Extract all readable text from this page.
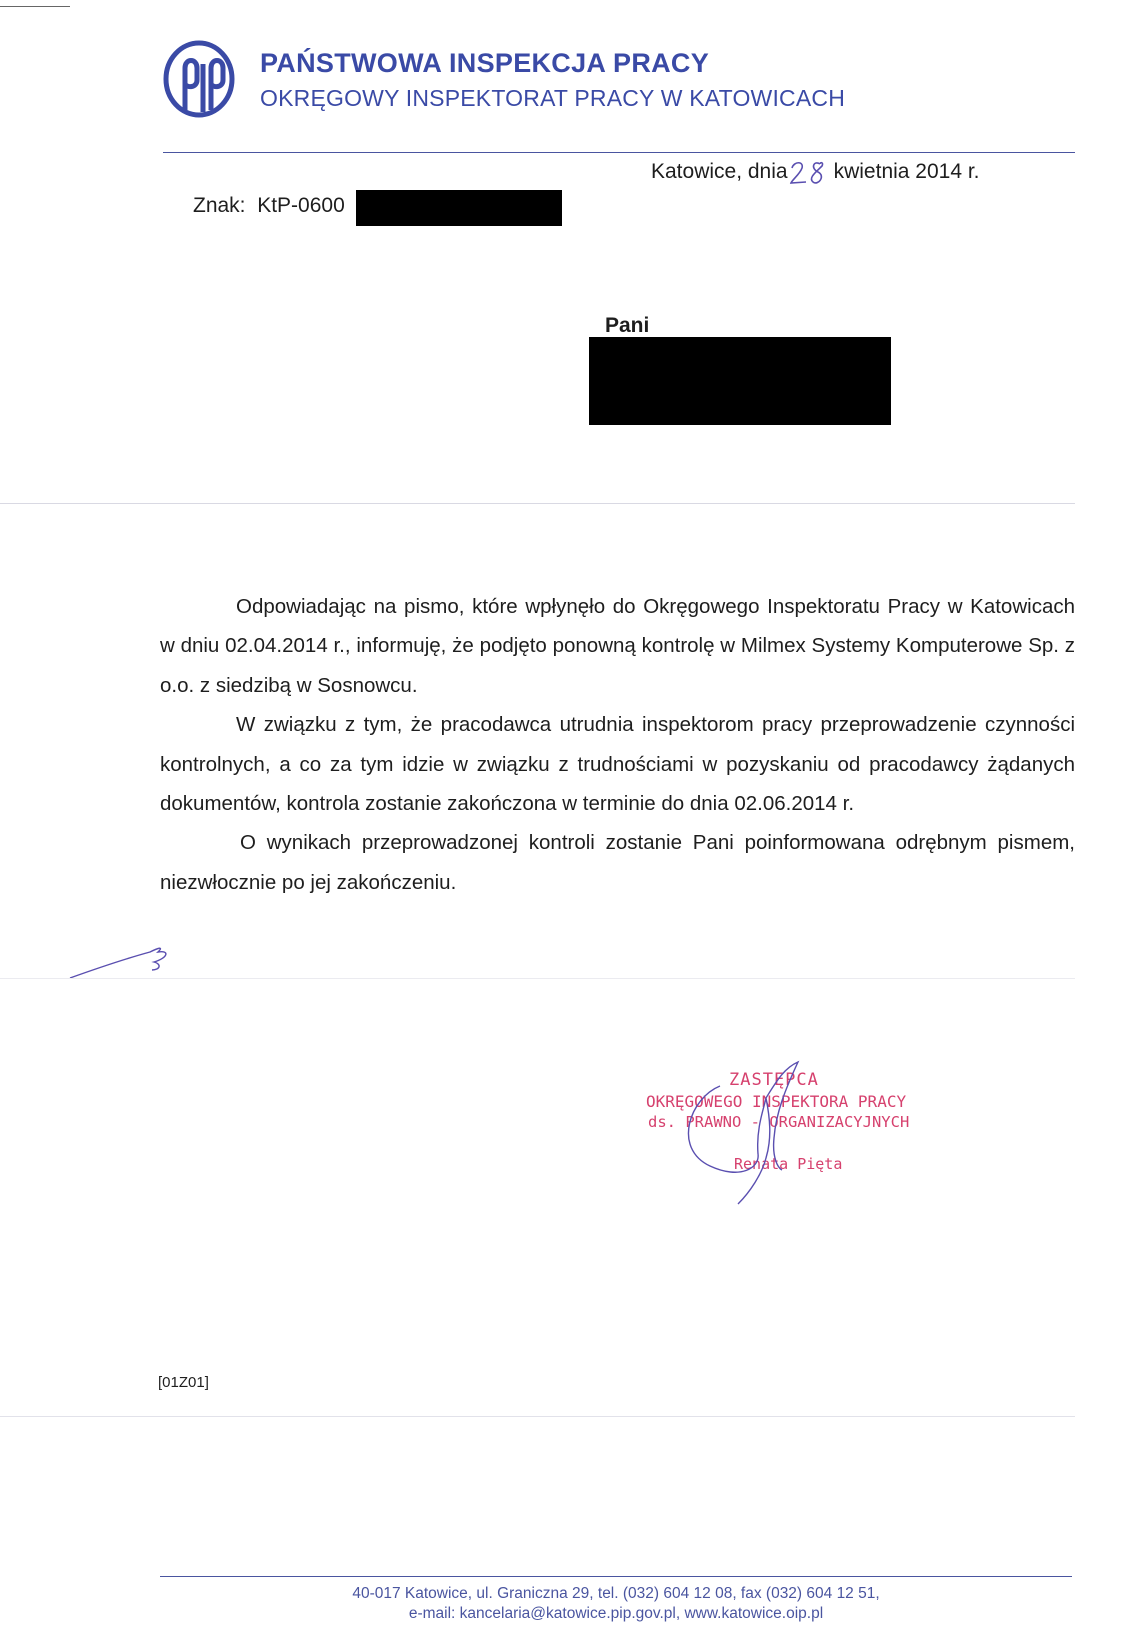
PAŃSTWOWA INSPEKCJA PRACY
OKRĘGOWY INSPEKTORAT PRACY W KATOWICACH
Katowice, dnia kwietnia 2014 r.
Znak: KtP-0600
Pani

Odpowiadając na pismo, które wpłynęło do Okręgowego Inspektoratu Pracy w Katowicach w dniu 02.04.2014 r., informuję, że podjęto ponowną kontrolę w Milmex Systemy Komputerowe Sp. z o.o. z siedzibą w Sosnowcu.

W związku z tym, że pracodawca utrudnia inspektorom pracy przeprowadzenie czynności kontrolnych, a co za tym idzie w związku z trudnościami w pozyskaniu od pracodawcy żądanych dokumentów, kontrola zostanie zakończona w terminie do dnia 02.06.2014 r.

O wynikach przeprowadzonej kontroli zostanie Pani poinformowana odrębnym pismem, niezwłocznie po jej zakończeniu.

ZASTĘPCA
OKRĘGOWEGO INSPEKTORA PRACY
ds. PRAWNO - ORGANIZACYJNYCH
Renata Pięta
[01Z01]
40-017 Katowice, ul. Graniczna 29, tel. (032) 604 12 08, fax (032) 604 12 51,
e-mail: kancelaria@katowice.pip.gov.pl, www.katowice.oip.pl
